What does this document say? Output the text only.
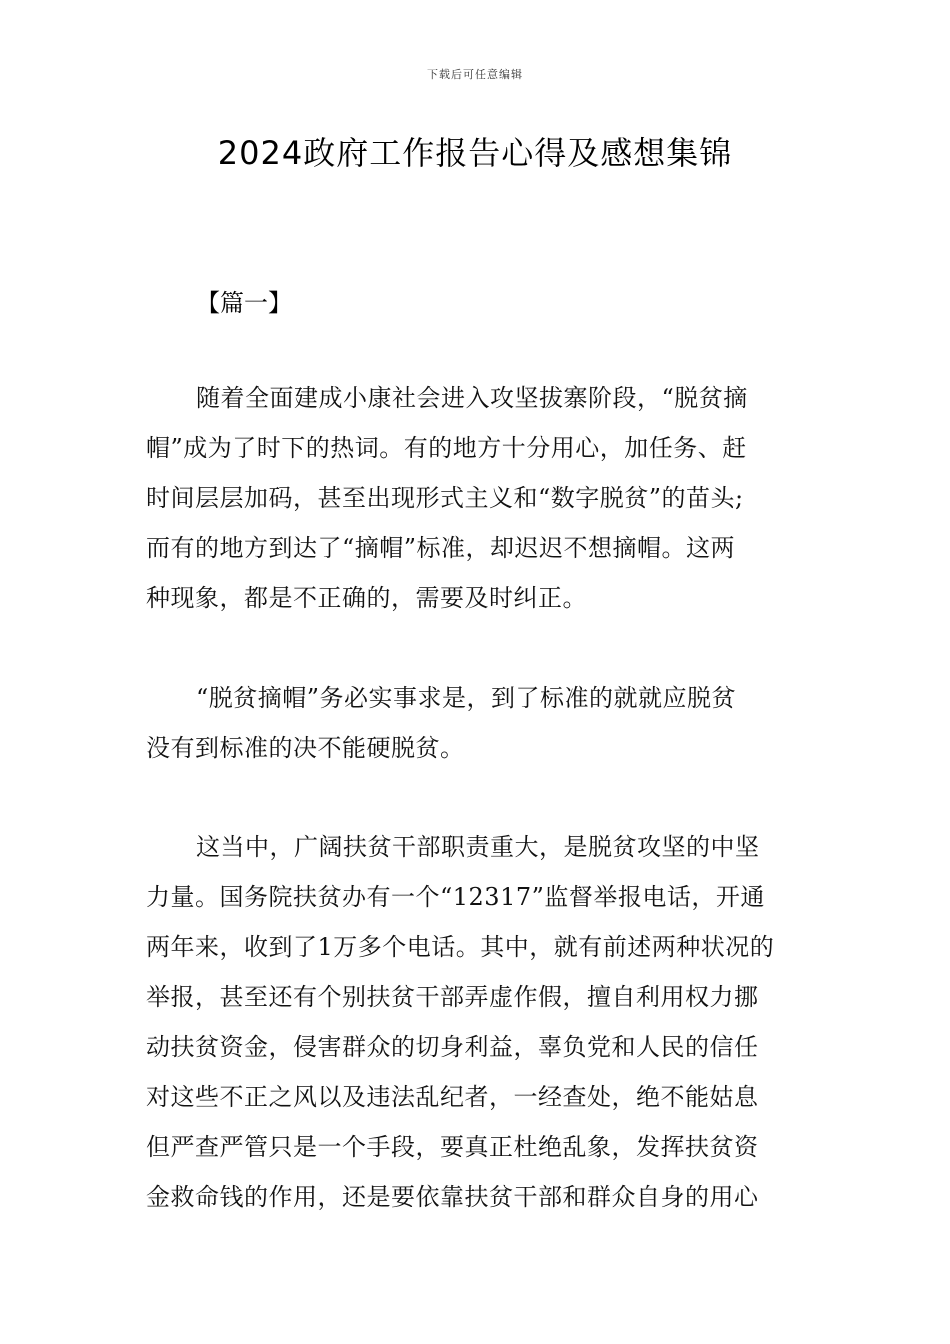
下载后可任意编辑
2024政府工作报告心得及感想集锦
【篇一】
随着全面建成小康社会进入攻坚拔寨阶段，“脱贫摘
帽”成为了时下的热词。有的地方十分用心，加任务、赶
时间层层加码，甚至出现形式主义和“数字脱贫”的苗头;
而有的地方到达了“摘帽”标准，却迟迟不想摘帽。这两
种现象，都是不正确的，需要及时纠正。
“脱贫摘帽”务必实事求是，到了标准的就就应脱贫
没有到标准的决不能硬脱贫。
这当中，广阔扶贫干部职责重大，是脱贫攻坚的中坚
力量。国务院扶贫办有一个“12317”监督举报电话，开通
两年来，收到了1万多个电话。其中，就有前述两种状况的
举报，甚至还有个别扶贫干部弄虚作假，擅自利用权力挪
动扶贫资金，侵害群众的切身利益，辜负党和人民的信任
对这些不正之风以及违法乱纪者，一经查处，绝不能姑息
但严查严管只是一个手段，要真正杜绝乱象，发挥扶贫资
金救命钱的作用，还是要依靠扶贫干部和群众自身的用心
